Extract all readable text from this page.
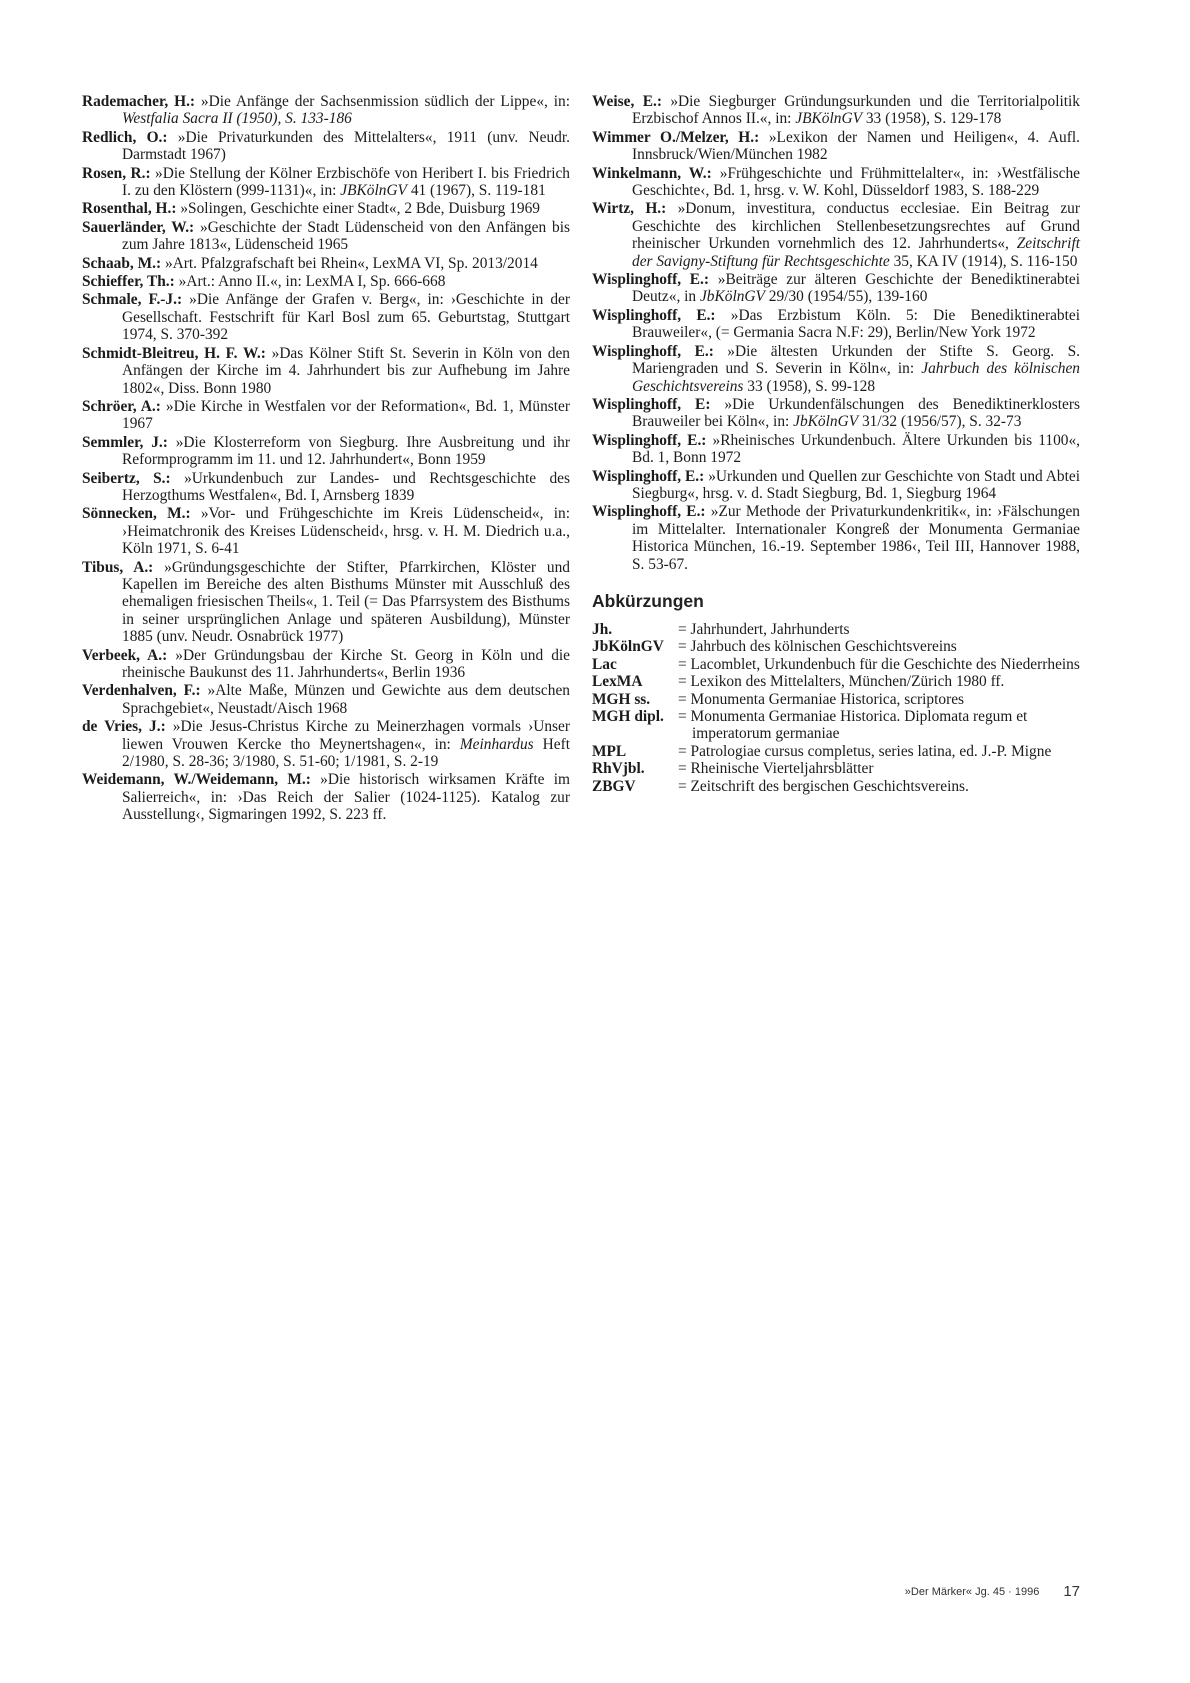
Rademacher, H.: »Die Anfänge der Sachsenmission südlich der Lippe«, in: Westfalia Sacra II (1950), S. 133-186

Redlich, O.: »Die Privaturkunden des Mittelalters«, 1911 (unv. Neudr. Darmstadt 1967)

Rosen, R.: »Die Stellung der Kölner Erzbischöfe von Heribert I. bis Friedrich I. zu den Klöstern (999-1131)«, in: JBKölnGV 41 (1967), S. 119-181

Rosenthal, H.: »Solingen, Geschichte einer Stadt«, 2 Bde, Duisburg 1969

Sauerländer, W.: »Geschichte der Stadt Lüdenscheid von den Anfängen bis zum Jahre 1813«, Lüdenscheid 1965

Schaab, M.: »Art. Pfalzgrafschaft bei Rhein«, LexMA VI, Sp. 2013/2014

Schieffer, Th.: »Art.: Anno II.«, in: LexMA I, Sp. 666-668

Schmale, F.-J.: »Die Anfänge der Grafen v. Berg«, in: ›Geschichte in der Gesellschaft. Festschrift für Karl Bosl zum 65. Geburtstag, Stuttgart 1974, S. 370-392

Schmidt-Bleitreu, H. F. W.: »Das Kölner Stift St. Severin in Köln von den Anfängen der Kirche im 4. Jahrhundert bis zur Aufhebung im Jahre 1802«, Diss. Bonn 1980

Schröer, A.: »Die Kirche in Westfalen vor der Reformation«, Bd. 1, Münster 1967

Semmler, J.: »Die Klosterreform von Siegburg. Ihre Ausbreitung und ihr Reformprogramm im 11. und 12. Jahrhundert«, Bonn 1959

Seibertz, S.: »Urkundenbuch zur Landes- und Rechtsgeschichte des Herzogthums Westfalen«, Bd. I, Arnsberg 1839

Sönnecken, M.: »Vor- und Frühgeschichte im Kreis Lüdenscheid«, in: ›Heimatchronik des Kreises Lüdenscheid‹, hrsg. v. H. M. Diedrich u.a., Köln 1971, S. 6-41

Tibus, A.: »Gründungsgeschichte der Stifter, Pfarrkirchen, Klöster und Kapellen im Bereiche des alten Bisthums Münster mit Ausschluß des ehemaligen friesischen Theils«, 1. Teil (= Das Pfarrsystem des Bisthums in seiner ursprünglichen Anlage und späteren Ausbildung), Münster 1885 (unv. Neudr. Osnabrück 1977)

Verbeek, A.: »Der Gründungsbau der Kirche St. Georg in Köln und die rheinische Baukunst des 11. Jahrhunderts«, Berlin 1936

Verdenhalven, F.: »Alte Maße, Münzen und Gewichte aus dem deutschen Sprachgebiet«, Neustadt/Aisch 1968

de Vries, J.: »Die Jesus-Christus Kirche zu Meinerzhagen vormals ›Unser liewen Vrouwen Kercke tho Meynertshagen«, in: Meinhardus Heft 2/1980, S. 28-36; 3/1980, S. 51-60; 1/1981, S. 2-19

Weidemann, W./Weidemann, M.: »Die historisch wirksamen Kräfte im Salierreich«, in: ›Das Reich der Salier (1024-1125). Katalog zur Ausstellung‹, Sigmaringen 1992, S. 223 ff.

Weise, E.: »Die Siegburger Gründungsurkunden und die Territorialpolitik Erzbischof Annos II.«, in: JBKölnGV 33 (1958), S. 129-178

Wimmer O./Melzer, H.: »Lexikon der Namen und Heiligen«, 4. Aufl. Innsbruck/Wien/München 1982

Winkelmann, W.: »Frühgeschichte und Frühmittelalter«, in: ›Westfälische Geschichte‹, Bd. 1, hrsg. v. W. Kohl, Düsseldorf 1983, S. 188-229

Wirtz, H.: »Donum, investitura, conductus ecclesiae. Ein Beitrag zur Geschichte des kirchlichen Stellenbesetzungsrechtes auf Grund rheinischer Urkunden vornehmlich des 12. Jahrhunderts«, Zeitschrift der Savigny-Stiftung für Rechtsgeschichte 35, KA IV (1914), S. 116-150

Wisplinghoff, E.: »Beiträge zur älteren Geschichte der Benediktinerabtei Deutz«, in JbKölnGV 29/30 (1954/55), 139-160

Wisplinghoff, E.: »Das Erzbistum Köln. 5: Die Benediktinerabtei Brauweiler«, (= Germania Sacra N.F: 29), Berlin/New York 1972

Wisplinghoff, E.: »Die ältesten Urkunden der Stifte S. Georg. S. Mariengraden und S. Severin in Köln«, in: Jahrbuch des kölnischen Geschichtsvereins 33 (1958), S. 99-128

Wisplinghoff, E: »Die Urkundenfälschungen des Benediktinerklosters Brauweiler bei Köln«, in: JbKölnGV 31/32 (1956/57), S. 32-73

Wisplinghoff, E.: »Rheinisches Urkundenbuch. Ältere Urkunden bis 1100«, Bd. 1, Bonn 1972

Wisplinghoff, E.: »Urkunden und Quellen zur Geschichte von Stadt und Abtei Siegburg«, hrsg. v. d. Stadt Siegburg, Bd. 1, Siegburg 1964

Wisplinghoff, E.: »Zur Methode der Privaturkundenkritik«, in: ›Fälschungen im Mittelalter. Internationaler Kongreß der Monumenta Germaniae Historica München, 16.-19. September 1986‹, Teil III, Hannover 1988, S. 53-67.

Abkürzungen
Jh.	= Jahrhundert, Jahrhunderts
JbKölnGV	= Jahrbuch des kölnischen Geschichtsvereins
Lac	= Lacomblet, Urkundenbuch für die Geschichte des Niederrheins
LexMA	= Lexikon des Mittelalters, München/Zürich 1980 ff.
MGH ss.	= Monumenta Germaniae Historica, scriptores
MGH dipl.	= Monumenta Germaniae Historica. Diplomata regum et imperatorum germaniae
MPL	= Patrologiae cursus completus, series latina, ed. J.-P. Migne
RhVjbl.	= Rheinische Vierteljahrsblätter
ZBGV	= Zeitschrift des bergischen Geschichtsvereins.
»Der Märker« Jg. 45 · 1996 17
